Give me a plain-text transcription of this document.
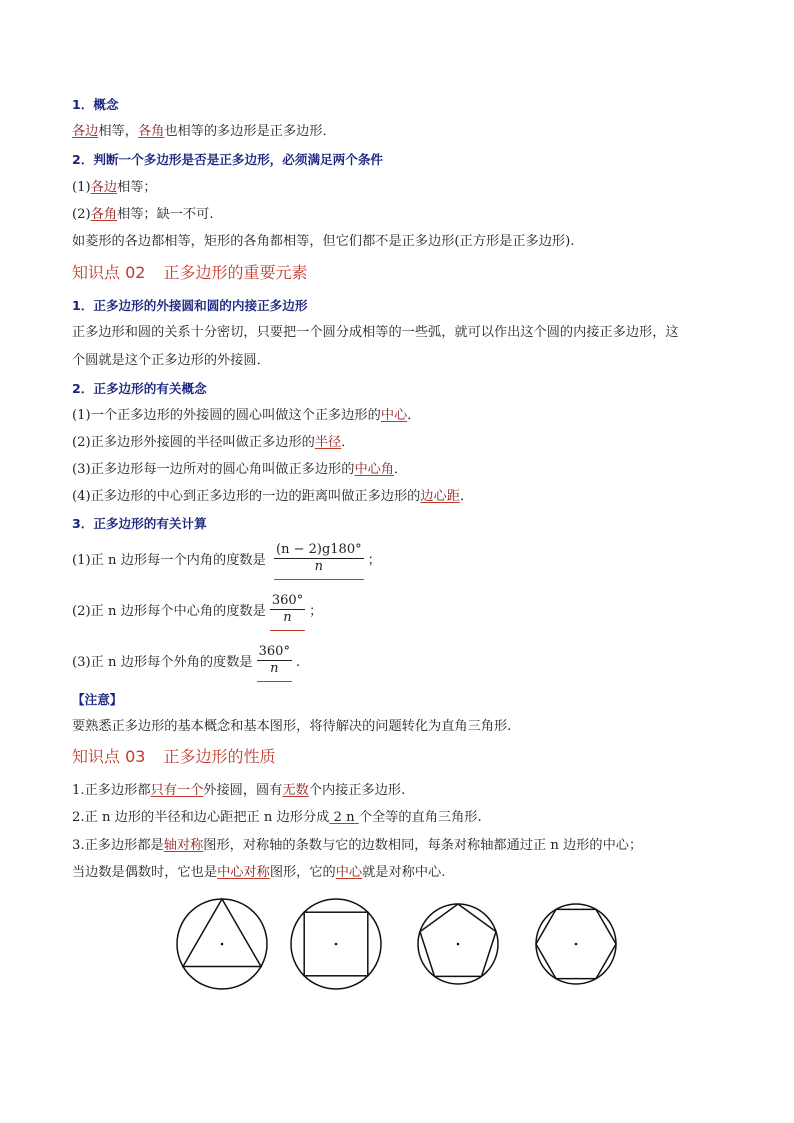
1．概念
各边相等，各角也相等的多边形是正多边形．
2．判断一个多边形是否是正多边形，必须满足两个条件
(1)各边相等；
(2)各角相等；缺一不可.
如菱形的各边都相等，矩形的各角都相等，但它们都不是正多边形(正方形是正多边形).
知识点 02 正多边形的重要元素
1．正多边形的外接圆和圆的内接正多边形
正多边形和圆的关系十分密切，只要把一个圆分成相等的一些弧，就可以作出这个圆的内接正多边形，这
个圆就是这个正多边形的外接圆．
2．正多边形的有关概念
(1)一个正多边形的外接圆的圆心叫做这个正多边形的中心．
(2)正多边形外接圆的半径叫做正多边形的半径．
(3)正多边形每一边所对的圆心角叫做正多边形的中心角．
(4)正多边形的中心到正多边形的一边的距离叫做正多边形的边心距．
3．正多边形的有关计算
(1)正 n 边形每一个内角的度数是 $\frac{(n - 2)g180^\circ}{n}$ ；
(2)正 n 边形每个中心角的度数是 $\frac{360^\circ}{n}$ ；
(3)正 n 边形每个外角的度数是 $\frac{360^\circ}{n}$ .
【注意】
要熟悉正多边形的基本概念和基本图形，将待解决的问题转化为直角三角形.
知识点 03 正多边形的性质
1.正多边形都只有一个外接圆，圆有无数个内接正多边形.
2.正 n 边形的半径和边心距把正 n 边形分成 2 n 个全等的直角三角形.
3.正多边形都是轴对称图形，对称轴的条数与它的边数相同，每条对称轴都通过正 n 边形的中心；
当边数是偶数时，它也是中心对称图形，它的中心就是对称中心.
